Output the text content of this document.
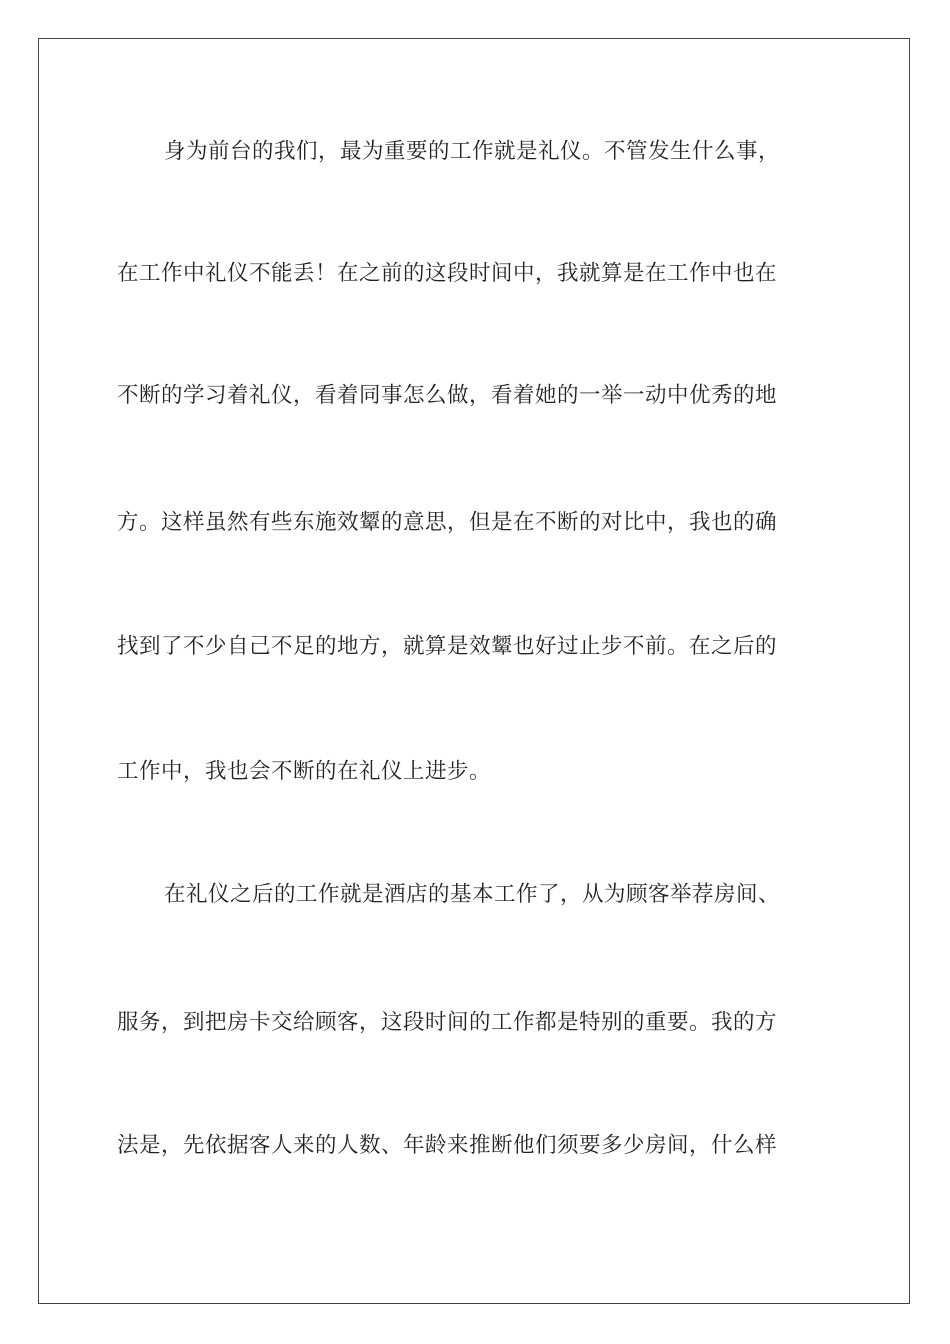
身为前台的我们，最为重要的工作就是礼仪。不管发生什么事，
在工作中礼仪不能丢！在之前的这段时间中，我就算是在工作中也在
不断的学习着礼仪，看着同事怎么做，看着她的一举一动中优秀的地
方。这样虽然有些东施效颦的意思，但是在不断的对比中，我也的确
找到了不少自己不足的地方，就算是效颦也好过止步不前。在之后的
工作中，我也会不断的在礼仪上进步。
在礼仪之后的工作就是酒店的基本工作了，从为顾客举荐房间、
服务，到把房卡交给顾客，这段时间的工作都是特别的重要。我的方
法是，先依据客人来的人数、年龄来推断他们须要多少房间，什么样
